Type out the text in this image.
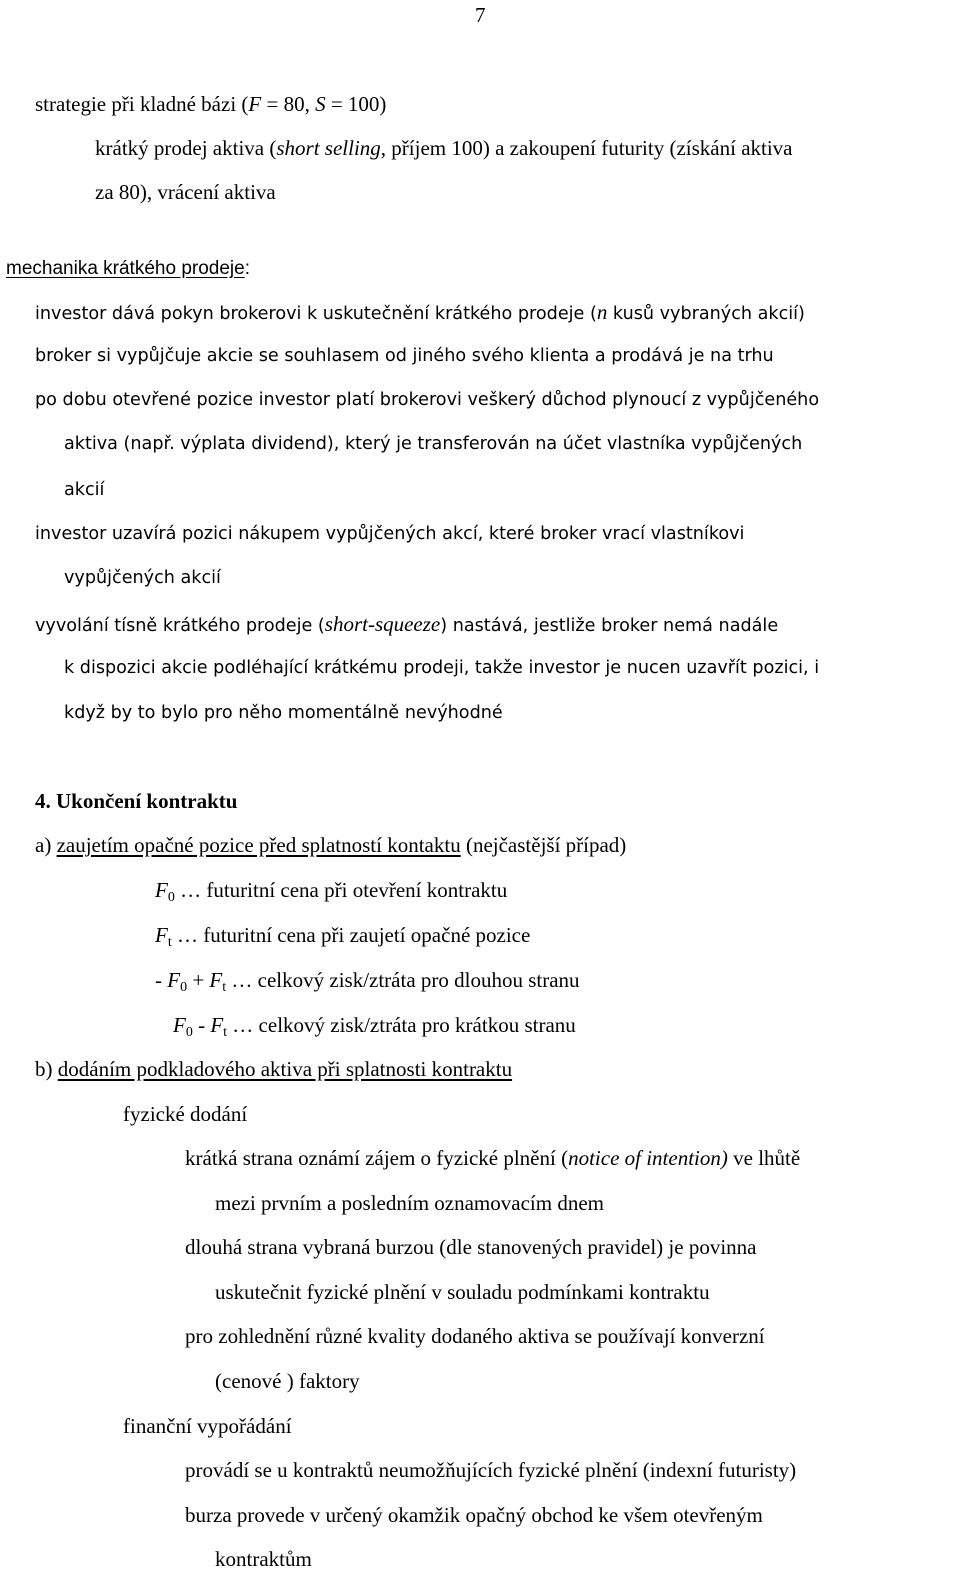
7
strategie při kladné bázi (F = 80, S = 100)
krátký prodej aktiva (short selling, příjem 100) a zakoupení futurity (získání aktiva
za 80), vrácení aktiva
mechanika krátkého prodeje:
investor dává pokyn brokerovi k uskutečnění krátkého prodeje (n kusů vybraných akcií)
broker si vypůjčuje akcie se souhlasem od jiného svého klienta a prodává je na trhu
po dobu otevřené pozice investor platí brokerovi veškerý důchod plynoucí z vypůjčeného
aktiva (např. výplata dividend), který je transferován na účet vlastníka vypůjčených
akcií
investor uzavírá pozici nákupem vypůjčených akcí, které broker vrací vlastníkovi
vypůjčených akcií
vyvolání tísně krátkého prodeje (short-squeeze) nastává, jestliže broker nemá nadále
k dispozici akcie podléhající krátkému prodeji, takže investor je nucen uzavřít pozici, i
když by to bylo pro něho momentálně nevýhodné
4. Ukončení kontraktu
a) zaujetím opačné pozice před splatností kontaktu (nejčastější případ)
$F_0$ … futuritní cena při otevření kontraktu
$F_t$ … futuritní cena při zaujetí opačné pozice
- $F_0 + F_t$ … celkový zisk/ztráta pro dlouhou stranu
$F_0 - F_t$ … celkový zisk/ztráta pro krátkou stranu
b) dodáním podkladového aktiva při splatnosti kontraktu
fyzické dodání
krátká strana oznámí zájem o fyzické plnění (notice of intention) ve lhůtě
mezi prvním a posledním oznamovacím dnem
dlouhá strana vybraná burzou (dle stanovených pravidel) je povinna
uskutečnit fyzické plnění v souladu podmínkami kontraktu
pro zohlednění různé kvality dodaného aktiva se používají konverzní
(cenové ) faktory
finanční vypořádání
provádí se u kontraktů neumožňujících fyzické plnění (indexní futuristy)
burza provede v určený okamžik opačný obchod ke všem otevřeným
kontraktům
